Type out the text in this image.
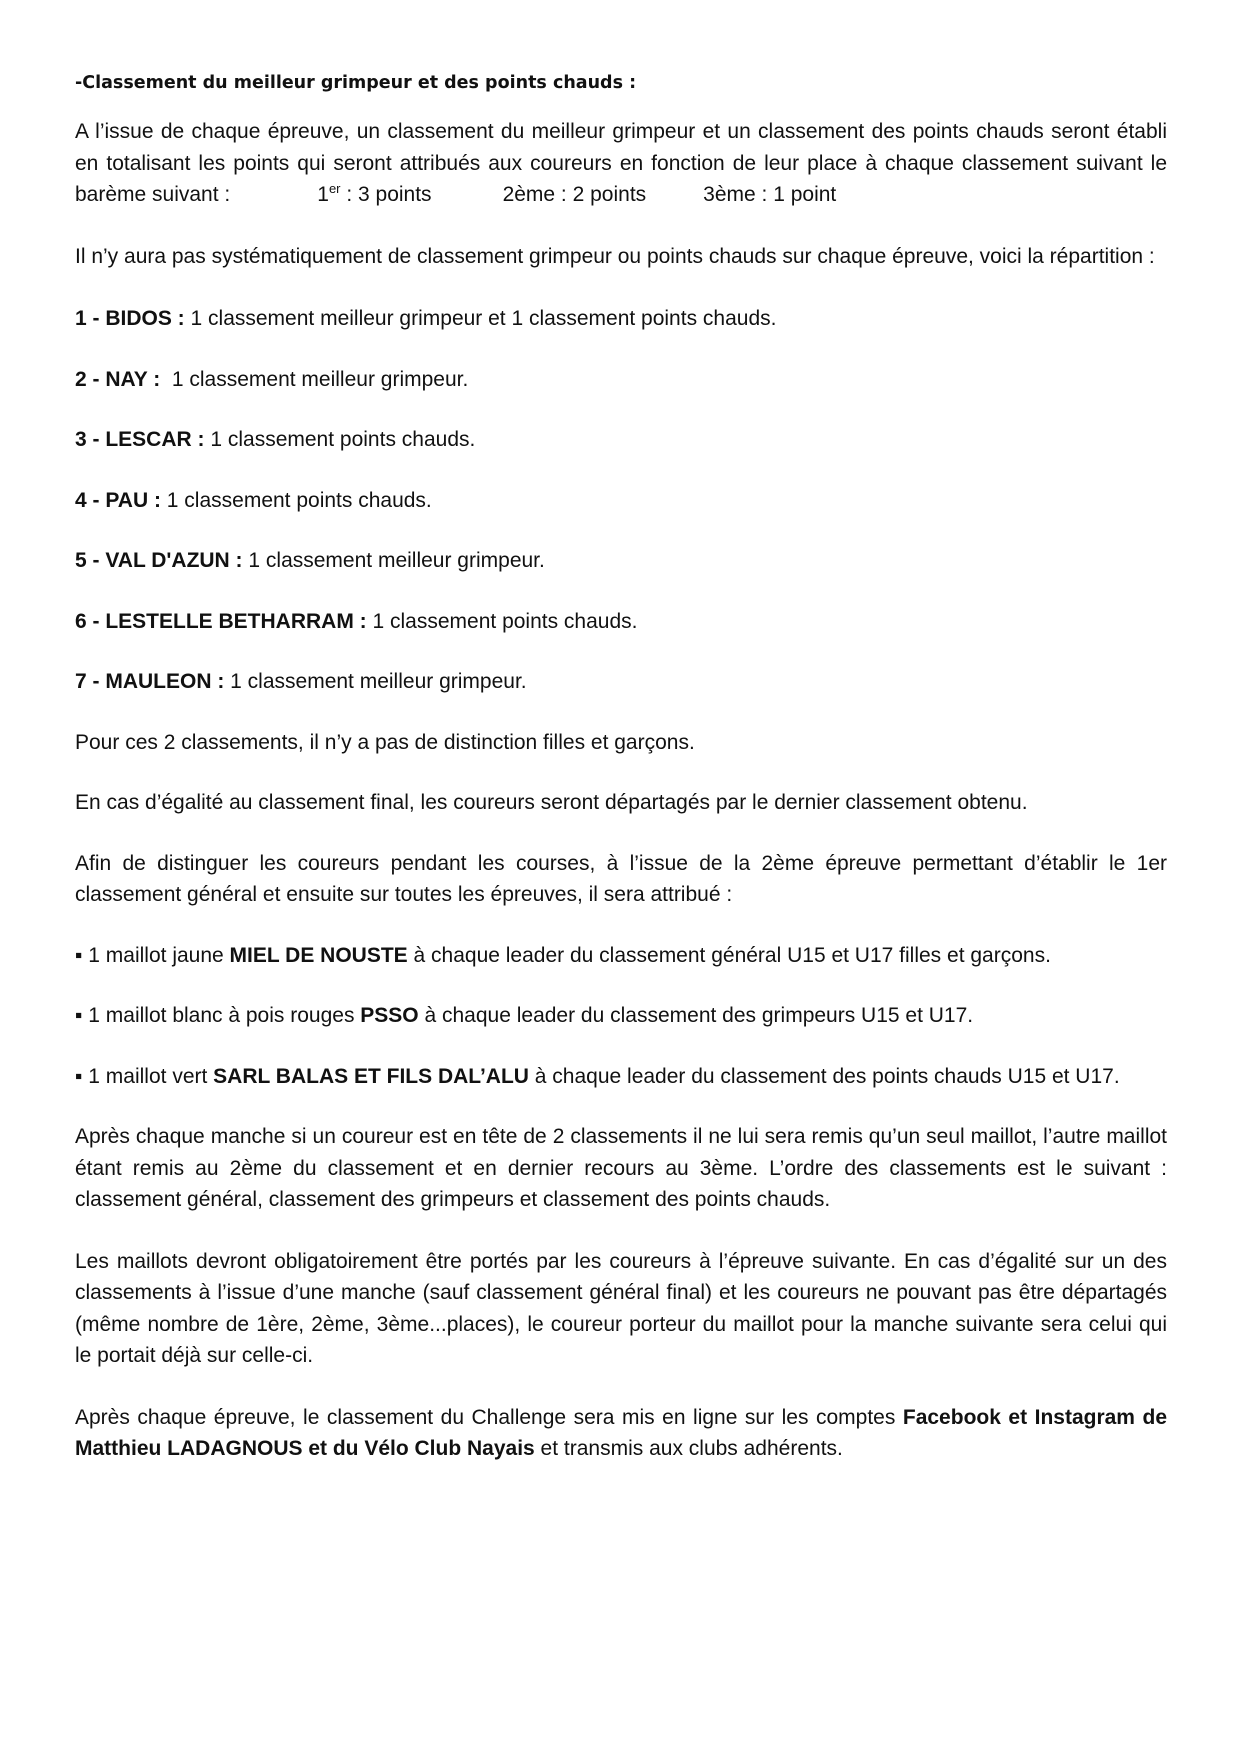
-Classement du meilleur grimpeur et des points chauds :

A l’issue de chaque épreuve, un classement du meilleur grimpeur et un classement des points chauds seront établi en totalisant les points qui seront attribués aux coureurs en fonction de leur place à chaque classement suivant le barème suivant :	1er : 3 points	2ème : 2 points	3ème : 1 point

Il n’y aura pas systématiquement de classement grimpeur ou points chauds sur chaque épreuve, voici la répartition :

1 - BIDOS : 1 classement meilleur grimpeur et 1 classement points chauds.

2 - NAY :  1 classement meilleur grimpeur.

3 - LESCAR : 1 classement points chauds.

4 - PAU : 1 classement points chauds.

5 - VAL D'AZUN : 1 classement meilleur grimpeur.

6 - LESTELLE BETHARRAM : 1 classement points chauds.

7 - MAULEON : 1 classement meilleur grimpeur.

Pour ces 2 classements, il n’y a pas de distinction filles et garçons.

En cas d’égalité au classement final, les coureurs seront départagés par le dernier classement obtenu.

Afin de distinguer les coureurs pendant les courses, à l’issue de la 2ème épreuve permettant d’établir le 1er classement général et ensuite sur toutes les épreuves, il sera attribué :

▪ 1 maillot jaune MIEL DE NOUSTE à chaque leader du classement général U15 et U17 filles et garçons.

▪ 1 maillot blanc à pois rouges PSSO à chaque leader du classement des grimpeurs U15 et U17.

▪ 1 maillot vert SARL BALAS ET FILS DAL’ALU à chaque leader du classement des points chauds U15 et U17.

Après chaque manche si un coureur est en tête de 2 classements il ne lui sera remis qu’un seul maillot, l’autre maillot étant remis au 2ème du classement et en dernier recours au 3ème. L’ordre des classements est le suivant : classement général, classement des grimpeurs et classement des points chauds.

Les maillots devront obligatoirement être portés par les coureurs à l’épreuve suivante. En cas d’égalité sur un des classements à l’issue d’une manche (sauf classement général final) et les coureurs ne pouvant pas être départagés (même nombre de 1ère, 2ème, 3ème...places), le coureur porteur du maillot pour la manche suivante sera celui qui le portait déjà sur celle-ci.

Après chaque épreuve, le classement du Challenge sera mis en ligne sur les comptes Facebook et Instagram de Matthieu LADAGNOUS et du Vélo Club Nayais et transmis aux clubs adhérents.
